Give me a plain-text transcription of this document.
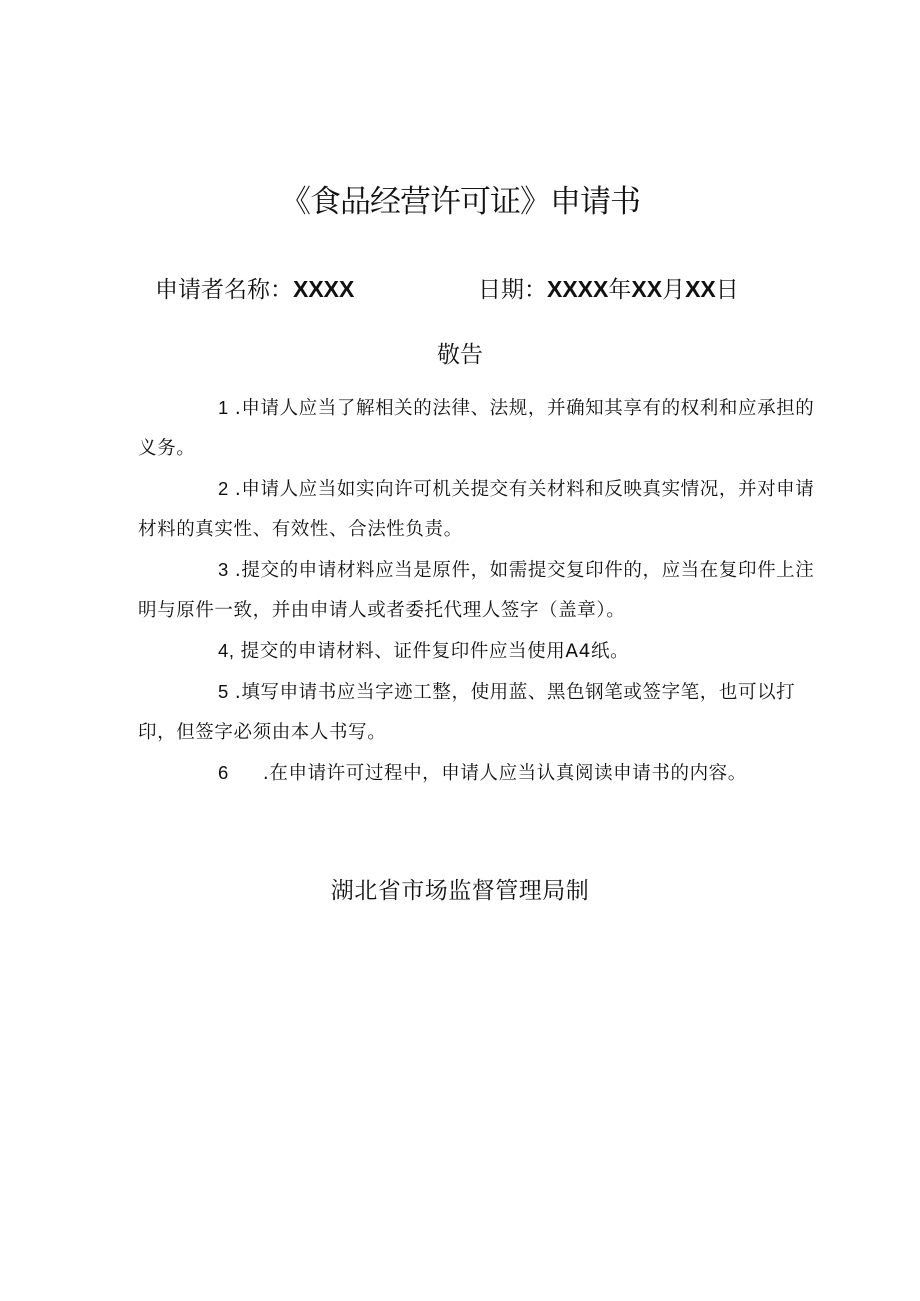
《食品经营许可证》申请书
申请者名称：XXXX	日期：XXXX年XX月XX日
敬告

1 .申请人应当了解相关的法律、法规，并确知其享有的权利和应承担的义务。

2 .申请人应当如实向许可机关提交有关材料和反映真实情况，并对申请材料的真实性、有效性、合法性负责。

3 .提交的申请材料应当是原件，如需提交复印件的，应当在复印件上注明与原件一致，并由申请人或者委托代理人签字（盖章）。

4, 提交的申请材料、证件复印件应当使用A4纸。

5 .填写申请书应当字迹工整，使用蓝、黑色钢笔或签字笔，也可以打印，但签字必须由本人书写。

6 .在申请许可过程中，申请人应当认真阅读申请书的内容。

湖北省市场监督管理局制
